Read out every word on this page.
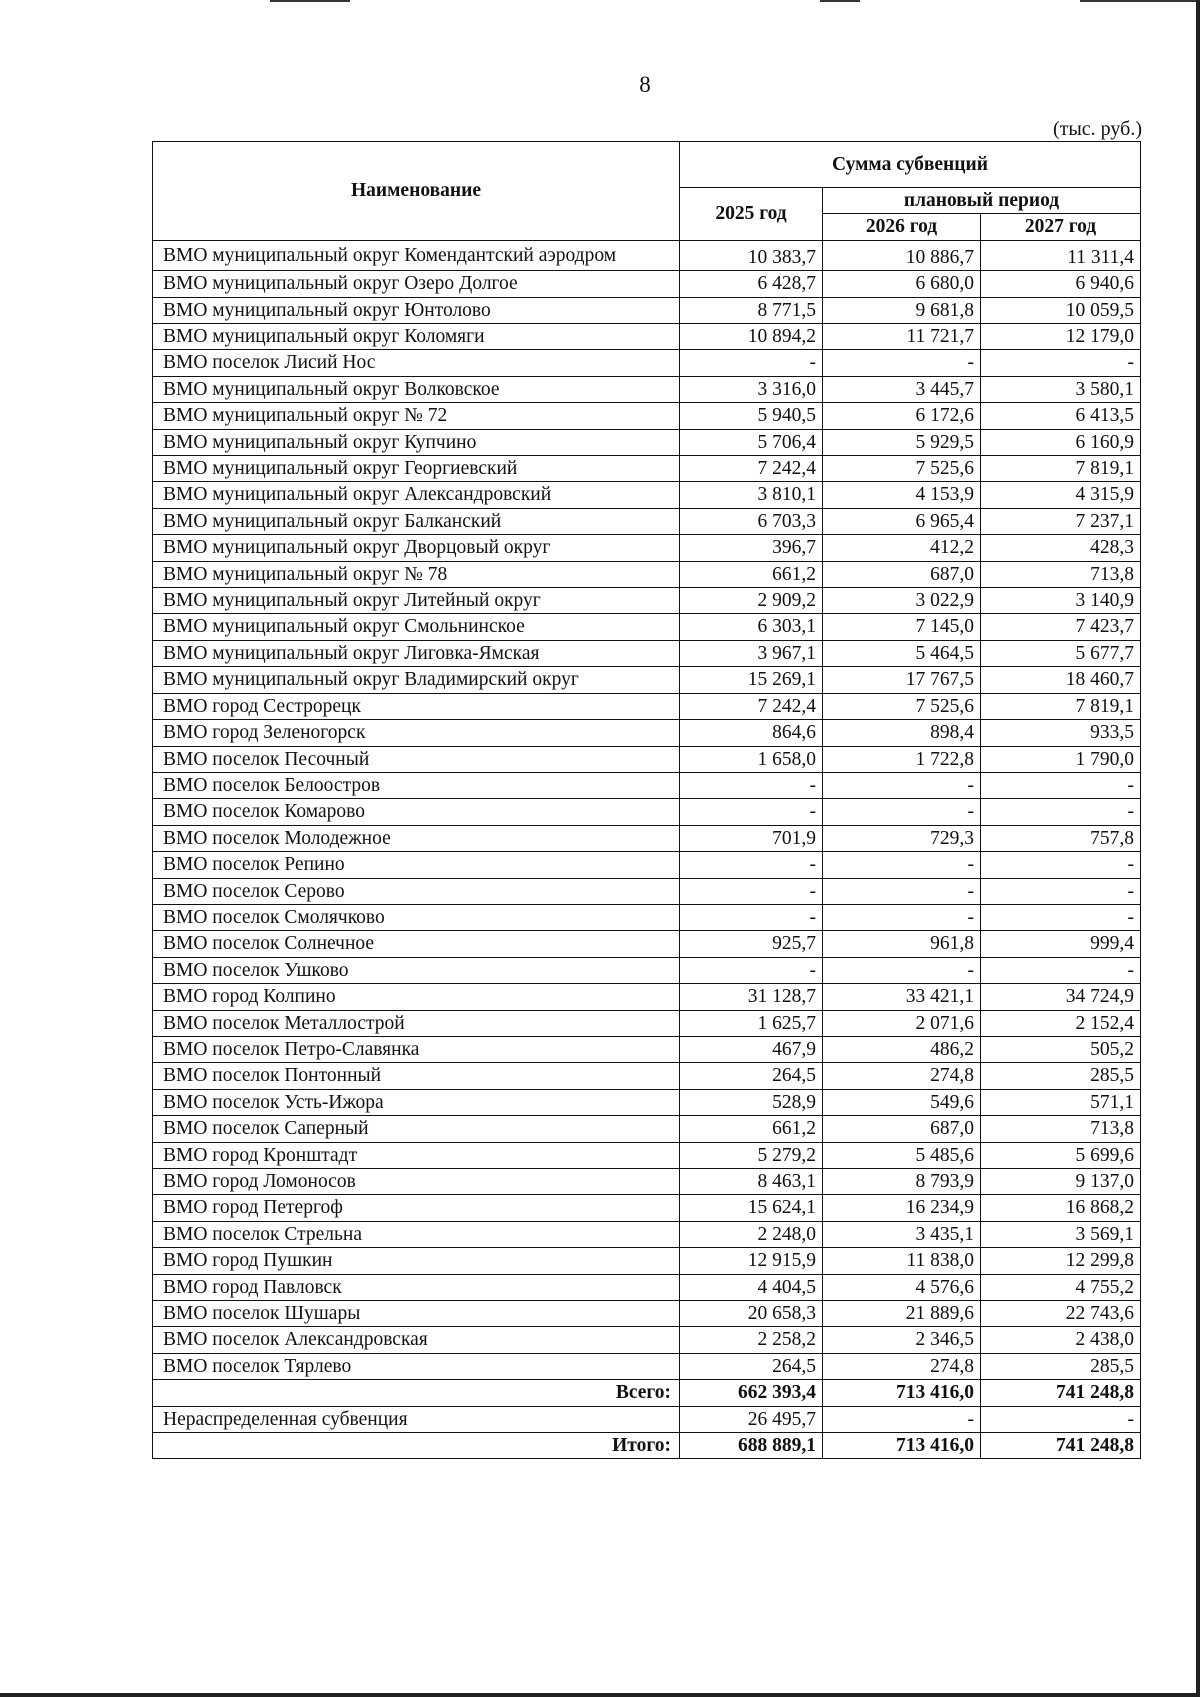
8
(тыс. руб.)
Наименование	Сумма субвенций		
	2025 год	плановый период	
		2026 год	2027 год
ВМО муниципальный округ Комендантский аэродром	10 383,7	10 886,7	11 311,4
ВМО муниципальный округ Озеро Долгое	6 428,7	6 680,0	6 940,6
ВМО муниципальный округ Юнтолово	8 771,5	9 681,8	10 059,5
ВМО муниципальный округ Коломяги	10 894,2	11 721,7	12 179,0
ВМО поселок Лисий Нос	-	-	-
ВМО муниципальный округ Волковское	3 316,0	3 445,7	3 580,1
ВМО муниципальный округ № 72	5 940,5	6 172,6	6 413,5
ВМО муниципальный округ Купчино	5 706,4	5 929,5	6 160,9
ВМО муниципальный округ Георгиевский	7 242,4	7 525,6	7 819,1
ВМО муниципальный округ Александровский	3 810,1	4 153,9	4 315,9
ВМО муниципальный округ Балканский	6 703,3	6 965,4	7 237,1
ВМО муниципальный округ Дворцовый округ	396,7	412,2	428,3
ВМО муниципальный округ № 78	661,2	687,0	713,8
ВМО муниципальный округ Литейный округ	2 909,2	3 022,9	3 140,9
ВМО муниципальный округ Смольнинское	6 303,1	7 145,0	7 423,7
ВМО муниципальный округ Лиговка-Ямская	3 967,1	5 464,5	5 677,7
ВМО муниципальный округ Владимирский округ	15 269,1	17 767,5	18 460,7
ВМО город Сестрорецк	7 242,4	7 525,6	7 819,1
ВМО город Зеленогорск	864,6	898,4	933,5
ВМО поселок Песочный	1 658,0	1 722,8	1 790,0
ВМО поселок Белоостров	-	-	-
ВМО поселок Комарово	-	-	-
ВМО поселок Молодежное	701,9	729,3	757,8
ВМО поселок Репино	-	-	-
ВМО поселок Серово	-	-	-
ВМО поселок Смолячково	-	-	-
ВМО поселок Солнечное	925,7	961,8	999,4
ВМО поселок Ушково	-	-	-
ВМО город Колпино	31 128,7	33 421,1	34 724,9
ВМО поселок Металлострой	1 625,7	2 071,6	2 152,4
ВМО поселок Петро-Славянка	467,9	486,2	505,2
ВМО поселок Понтонный	264,5	274,8	285,5
ВМО поселок Усть-Ижора	528,9	549,6	571,1
ВМО поселок Саперный	661,2	687,0	713,8
ВМО город Кронштадт	5 279,2	5 485,6	5 699,6
ВМО город Ломоносов	8 463,1	8 793,9	9 137,0
ВМО город Петергоф	15 624,1	16 234,9	16 868,2
ВМО поселок Стрельна	2 248,0	3 435,1	3 569,1
ВМО город Пушкин	12 915,9	11 838,0	12 299,8
ВМО город Павловск	4 404,5	4 576,6	4 755,2
ВМО поселок Шушары	20 658,3	21 889,6	22 743,6
ВМО поселок Александровская	2 258,2	2 346,5	2 438,0
ВМО поселок Тярлево	264,5	274,8	285,5
Всего:	662 393,4	713 416,0	741 248,8
Нераспределенная субвенция	26 495,7	-	-
Итого:	688 889,1	713 416,0	741 248,8
